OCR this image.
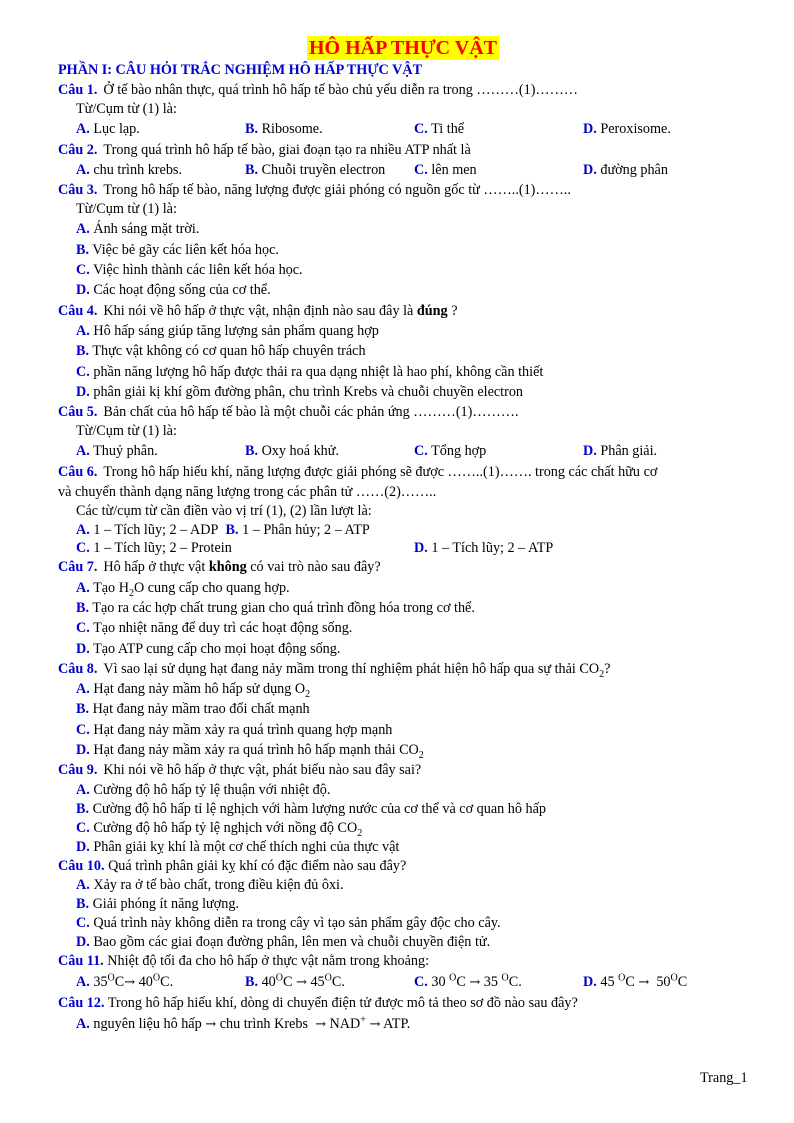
HÔ HẤP THỰC VẬT
PHẦN I: CÂU HỎI TRẮC NGHIỆM HÔ HẤP THỰC VẬT
Câu 1. Ở tế bào nhân thực, quá trình hô hấp tế bào chủ yếu diễn ra trong ………(1)………
Từ/Cụm từ (1) là:
A. Lục lạp.	B. Ribosome.	C. Ti thể	D. Peroxisome.
Câu 2. Trong quá trình hô hấp tế bào, giai đoạn tạo ra nhiều ATP nhất là
A. chu trình krebs.	B. Chuỗi truyền electron	C. lên men	D. đường phân
Câu 3. Trong hô hấp tế bào, năng lượng được giải phóng có nguồn gốc từ ……..(1)……..
Từ/Cụm từ (1) là:
A. Ánh sáng mặt trời.
B. Việc bẻ gãy các liên kết hóa học.
C. Việc hình thành các liên kết hóa học.
D. Các hoạt động sống của cơ thể.
Câu 4. Khi nói về hô hấp ở thực vật, nhận định nào sau đây là đúng ?
A. Hô hấp sáng giúp tăng lượng sản phẩm quang hợp
B. Thực vật không có cơ quan hô hấp chuyên trách
C. phần năng lượng hô hấp được thải ra qua dạng nhiệt là hao phí, không cần thiết
D. phân giải kị khí gồm đường phân, chu trình Krebs và chuỗi chuyền electron
Câu 5. Bản chất của hô hấp tế bào là một chuỗi các phản ứng ………(1)……….
Từ/Cụm từ (1) là:
A. Thuỷ phân.	B. Oxy hoá khử.	C. Tổng hợp	D. Phân giải.
Câu 6. Trong hô hấp hiếu khí, năng lượng được giải phóng sẽ được ……..(1)……. trong các chất hữu cơ
và chuyển thành dạng năng lượng trong các phân tử ……(2)……..
Các từ/cụm từ cần điền vào vị trí (1), (2) lần lượt là:
A. 1 – Tích lũy; 2 – ADP
B. 1 – Phân hủy; 2 – ATP
C. 1 – Tích lũy; 2 – Protein	D. 1 – Tích lũy; 2 – ATP
Câu 7. Hô hấp ở thực vật không có vai trò nào sau đây?
A. Tạo $H_2O$ cung cấp cho quang hợp.
B. Tạo ra các hợp chất trung gian cho quá trình đồng hóa trong cơ thể.
C. Tạo nhiệt năng để duy trì các hoạt động sống.
D. Tạo ATP cung cấp cho mọi hoạt động sống.
Câu 8. Vì sao lại sử dụng hạt đang nảy mầm trong thí nghiệm phát hiện hô hấp qua sự thải $CO_2$?
A. Hạt đang nảy mầm hô hấp sử dụng $O_2$
B. Hạt đang nảy mầm trao đổi chất mạnh
C. Hạt đang nảy mầm xảy ra quá trình quang hợp mạnh
D. Hạt đang nảy mầm xảy ra quá trình hô hấp mạnh thải $CO_2$
Câu 9. Khi nói về hô hấp ở thực vật, phát biểu nào sau đây sai?
A. Cường độ hô hấp tỷ lệ thuận với nhiệt độ.
B. Cường độ hô hấp tỉ lệ nghịch với hàm lượng nước của cơ thể và cơ quan hô hấp
C. Cường độ hô hấp tỷ lệ nghịch với nồng độ $CO_2$
D. Phân giải kỵ khí là một cơ chế thích nghi của thực vật
Câu 10. Quá trình phân giải kỵ khí có đặc điểm nào sau đây?
A. Xảy ra ở tế bào chất, trong điều kiện đủ ôxi.
B. Giải phóng ít năng lượng.
C. Quá trình này không diễn ra trong cây vì tạo sản phẩm gây độc cho cây.
D. Bao gồm các giai đoạn đường phân, lên men và chuỗi chuyền điện tử.
Câu 11. Nhiệt độ tối đa cho hô hấp ở thực vật nằm trong khoảng:
A. $35^OC\to 40^OC$.	B. $40^OC \to 45^OC$.	C. 30 $^O$C → 35 $^O$C.	D. 45 $^OC \to 50^OC$
Câu 12. Trong hô hấp hiếu khí, dòng di chuyển điện tử được mô tả theo sơ đồ nào sau đây?
A. nguyên liệu hô hấp → chu trình Krebs → NAD+ → ATP.
Trang_1
